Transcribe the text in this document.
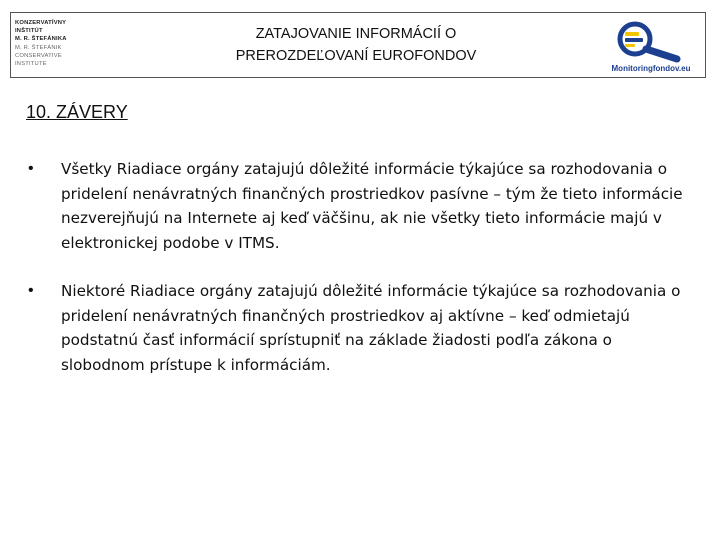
KONZERVATÍVNY
INŠTITÚT
M. R. ŠTEFÁNIKA
M. R. ŠTEFÁNIK
CONSERVATIVE
INSTITUTE
ZATAJOVANIE INFORMÁCIÍ O
PREROZDEĽOVANÍ EUROFONDOV
Monitoringfondov.eu
10. ZÁVERY
• Všetky Riadiace orgány zatajujú dôležité informácie týkajúce sa rozhodovania o pridelení nenávratných finančných prostriedkov pasívne – tým že tieto informácie nezverejňujú na Internete aj keď väčšinu, ak nie všetky tieto informácie majú v elektronickej podobe v ITMS.
• Niektoré Riadiace orgány zatajujú dôležité informácie týkajúce sa rozhodovania o pridelení nenávratných finančných prostriedkov aj aktívne – keď odmietajú podstatnú časť informácií sprístupniť na základe žiadosti podľa zákona o slobodnom prístupe k informáciám.
